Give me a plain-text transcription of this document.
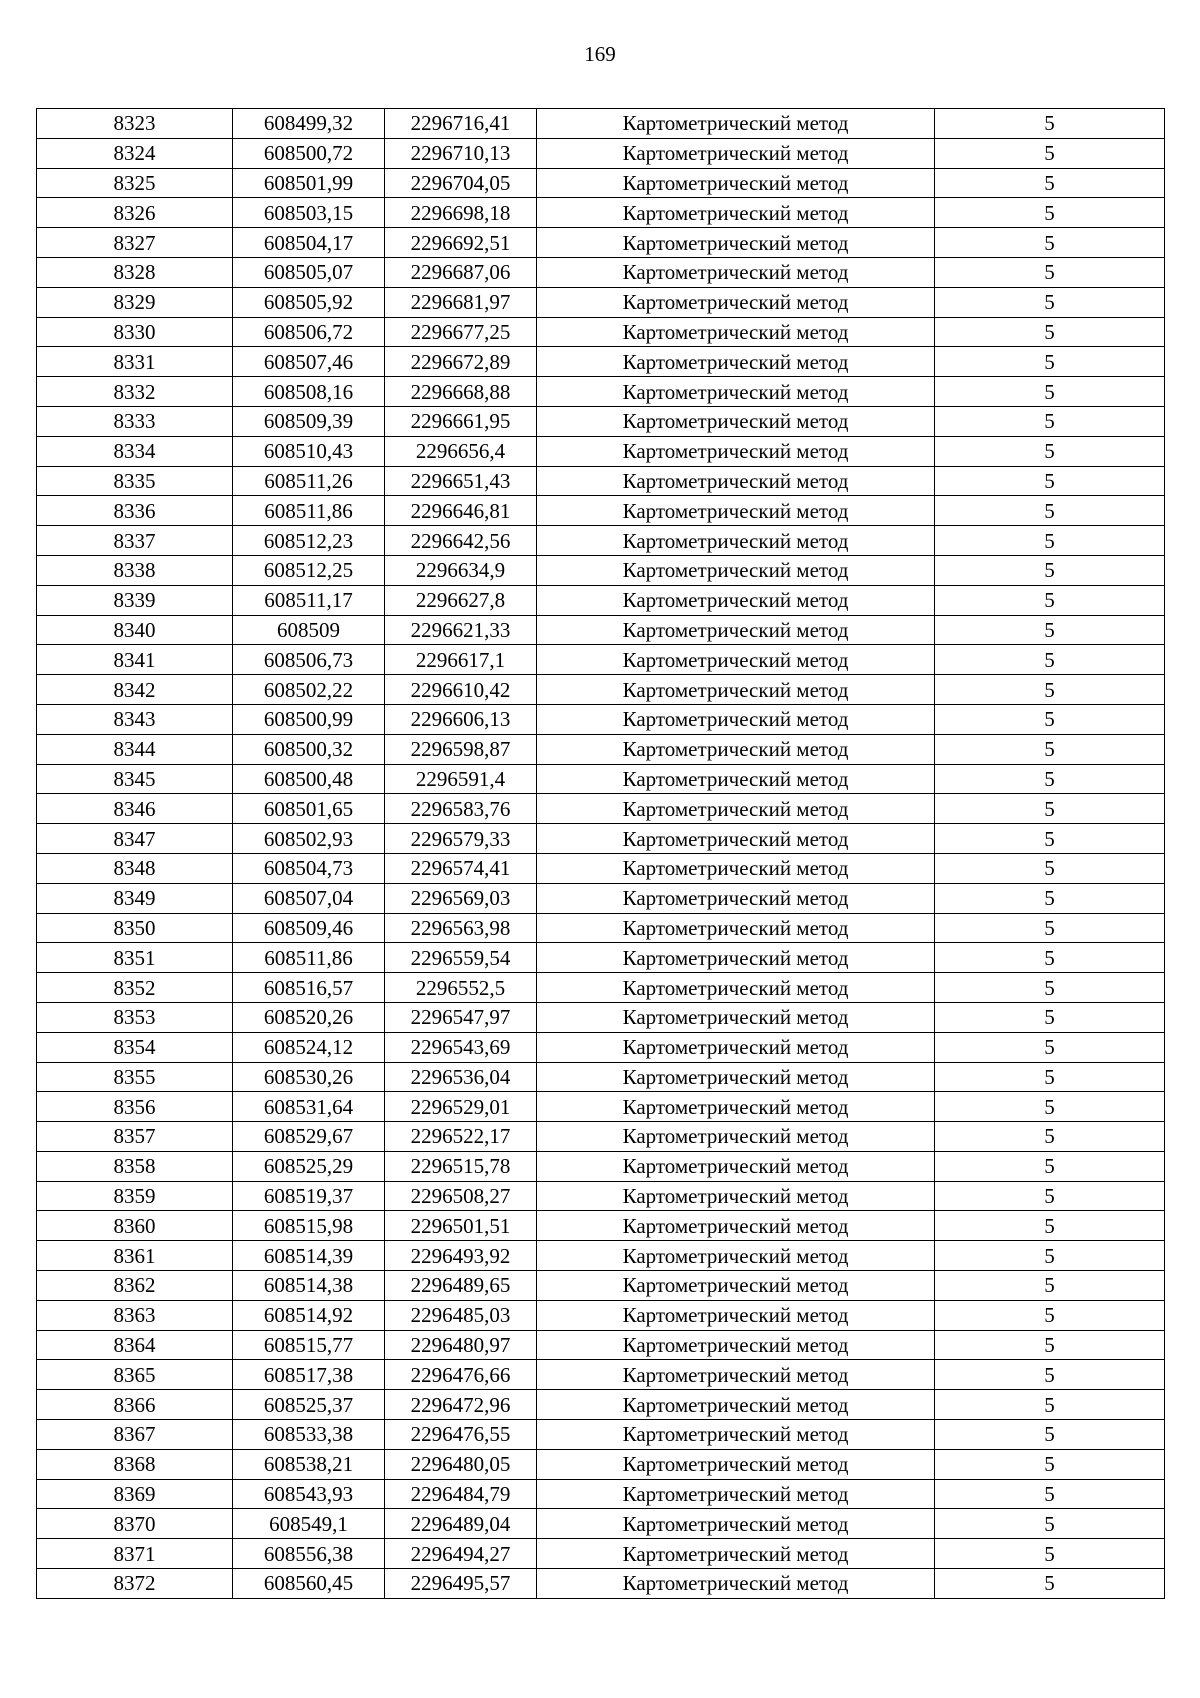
169
8323	608499,32	2296716,41	Картометрический метод	5
8324	608500,72	2296710,13	Картометрический метод	5
8325	608501,99	2296704,05	Картометрический метод	5
8326	608503,15	2296698,18	Картометрический метод	5
8327	608504,17	2296692,51	Картометрический метод	5
8328	608505,07	2296687,06	Картометрический метод	5
8329	608505,92	2296681,97	Картометрический метод	5
8330	608506,72	2296677,25	Картометрический метод	5
8331	608507,46	2296672,89	Картометрический метод	5
8332	608508,16	2296668,88	Картометрический метод	5
8333	608509,39	2296661,95	Картометрический метод	5
8334	608510,43	2296656,4	Картометрический метод	5
8335	608511,26	2296651,43	Картометрический метод	5
8336	608511,86	2296646,81	Картометрический метод	5
8337	608512,23	2296642,56	Картометрический метод	5
8338	608512,25	2296634,9	Картометрический метод	5
8339	608511,17	2296627,8	Картометрический метод	5
8340	608509	2296621,33	Картометрический метод	5
8341	608506,73	2296617,1	Картометрический метод	5
8342	608502,22	2296610,42	Картометрический метод	5
8343	608500,99	2296606,13	Картометрический метод	5
8344	608500,32	2296598,87	Картометрический метод	5
8345	608500,48	2296591,4	Картометрический метод	5
8346	608501,65	2296583,76	Картометрический метод	5
8347	608502,93	2296579,33	Картометрический метод	5
8348	608504,73	2296574,41	Картометрический метод	5
8349	608507,04	2296569,03	Картометрический метод	5
8350	608509,46	2296563,98	Картометрический метод	5
8351	608511,86	2296559,54	Картометрический метод	5
8352	608516,57	2296552,5	Картометрический метод	5
8353	608520,26	2296547,97	Картометрический метод	5
8354	608524,12	2296543,69	Картометрический метод	5
8355	608530,26	2296536,04	Картометрический метод	5
8356	608531,64	2296529,01	Картометрический метод	5
8357	608529,67	2296522,17	Картометрический метод	5
8358	608525,29	2296515,78	Картометрический метод	5
8359	608519,37	2296508,27	Картометрический метод	5
8360	608515,98	2296501,51	Картометрический метод	5
8361	608514,39	2296493,92	Картометрический метод	5
8362	608514,38	2296489,65	Картометрический метод	5
8363	608514,92	2296485,03	Картометрический метод	5
8364	608515,77	2296480,97	Картометрический метод	5
8365	608517,38	2296476,66	Картометрический метод	5
8366	608525,37	2296472,96	Картометрический метод	5
8367	608533,38	2296476,55	Картометрический метод	5
8368	608538,21	2296480,05	Картометрический метод	5
8369	608543,93	2296484,79	Картометрический метод	5
8370	608549,1	2296489,04	Картометрический метод	5
8371	608556,38	2296494,27	Картометрический метод	5
8372	608560,45	2296495,57	Картометрический метод	5
